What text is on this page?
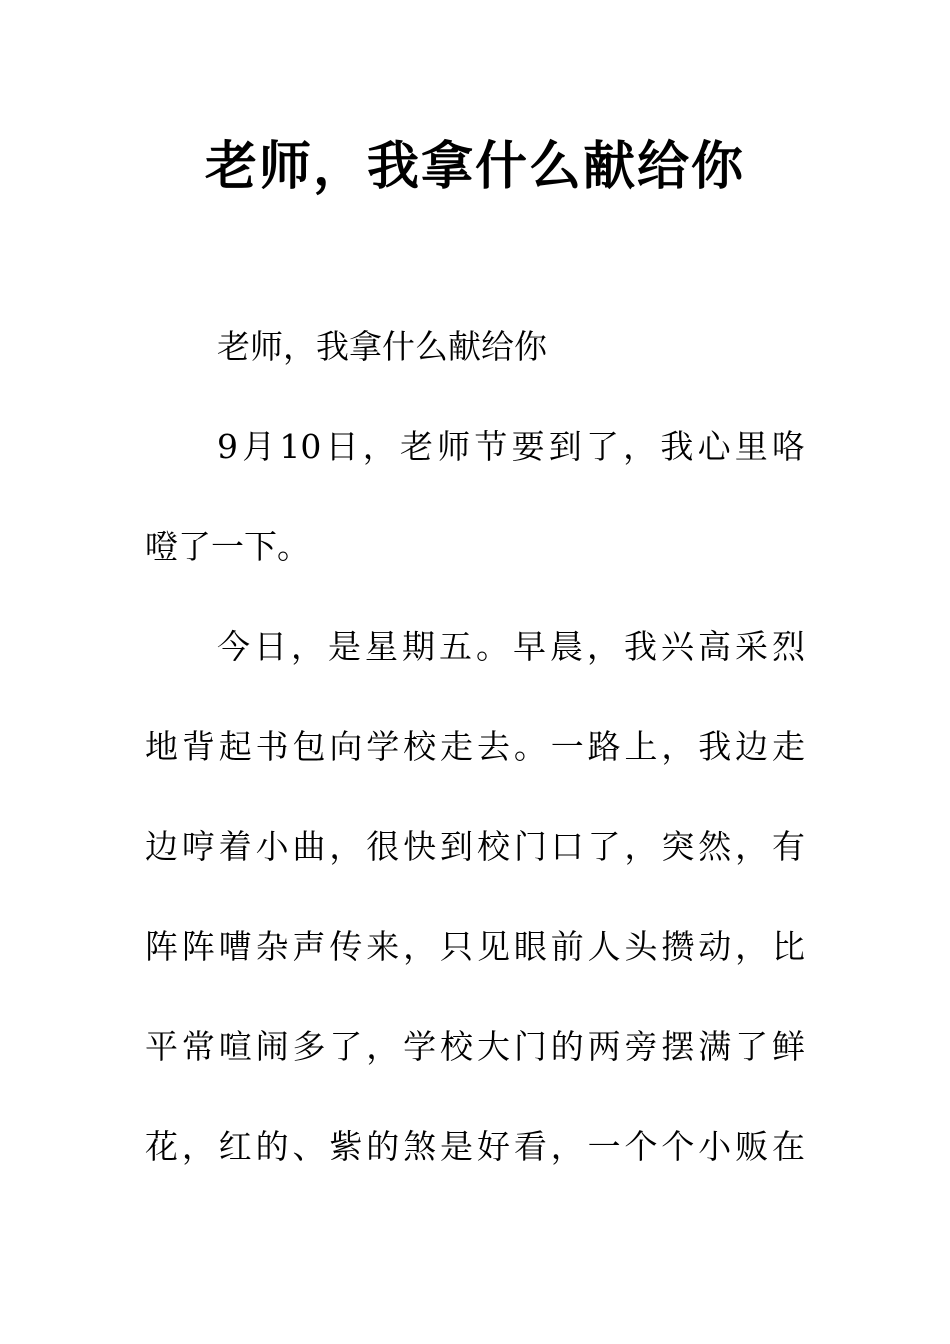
老师，我拿什么献给你
老师，我拿什么献给你
9月10日，老师节要到了，我心里咯
噔了一下。
今日，是星期五。早晨，我兴高采烈
地背起书包向学校走去。一路上，我边走
边哼着小曲，很快到校门口了，突然，有
阵阵嘈杂声传来，只见眼前人头攒动，比
平常喧闹多了，学校大门的两旁摆满了鲜
花，红的、紫的煞是好看，一个个小贩在
